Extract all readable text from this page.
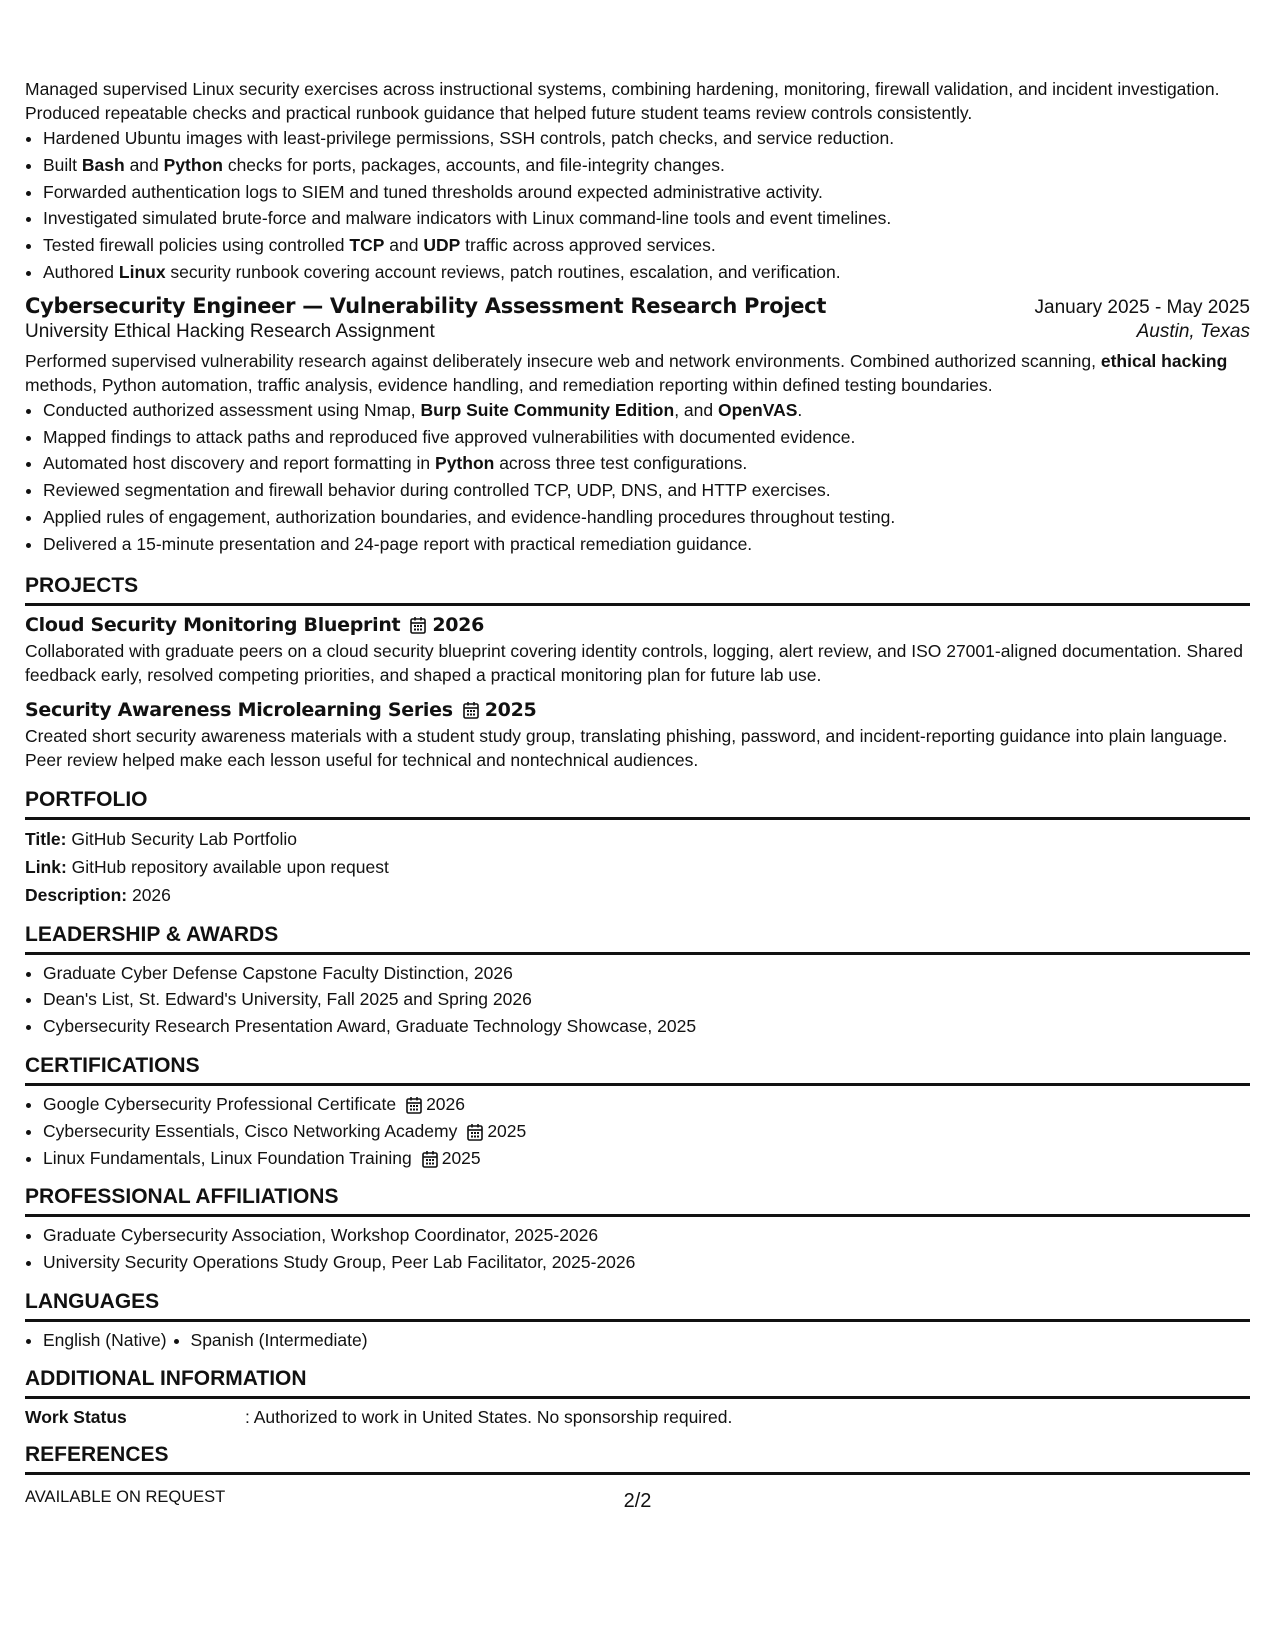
Managed supervised Linux security exercises across instructional systems, combining hardening, monitoring, firewall validation, and incident investigation. Produced repeatable checks and practical runbook guidance that helped future student teams review controls consistently.

• Hardened Ubuntu images with least-privilege permissions, SSH controls, patch checks, and service reduction.
• Built Bash and Python checks for ports, packages, accounts, and file-integrity changes.
• Forwarded authentication logs to SIEM and tuned thresholds around expected administrative activity.
• Investigated simulated brute-force and malware indicators with Linux command-line tools and event timelines.
• Tested firewall policies using controlled TCP and UDP traffic across approved services.
• Authored Linux security runbook covering account reviews, patch routines, escalation, and verification.
Cybersecurity Engineer — Vulnerability Assessment Research Project	January 2025 - May 2025
University Ethical Hacking Research Assignment	Austin, Texas

Performed supervised vulnerability research against deliberately insecure web and network environments. Combined authorized scanning, ethical hacking methods, Python automation, traffic analysis, evidence handling, and remediation reporting within defined testing boundaries.

• Conducted authorized assessment using Nmap, Burp Suite Community Edition, and OpenVAS.
• Mapped findings to attack paths and reproduced five approved vulnerabilities with documented evidence.
• Automated host discovery and report formatting in Python across three test configurations.
• Reviewed segmentation and firewall behavior during controlled TCP, UDP, DNS, and HTTP exercises.
• Applied rules of engagement, authorization boundaries, and evidence-handling procedures throughout testing.
• Delivered a 15-minute presentation and 24-page report with practical remediation guidance.
PROJECTS
Cloud Security Monitoring Blueprint 2026

Collaborated with graduate peers on a cloud security blueprint covering identity controls, logging, alert review, and ISO 27001-aligned documentation. Shared feedback early, resolved competing priorities, and shaped a practical monitoring plan for future lab use.

Security Awareness Microlearning Series 2025

Created short security awareness materials with a student study group, translating phishing, password, and incident-reporting guidance into plain language. Peer review helped make each lesson useful for technical and nontechnical audiences.

PORTFOLIO
Title: GitHub Security Lab Portfolio
Link: GitHub repository available upon request
Description: 2026
LEADERSHIP & AWARDS
• Graduate Cyber Defense Capstone Faculty Distinction, 2026
• Dean's List, St. Edward's University, Fall 2025 and Spring 2026
• Cybersecurity Research Presentation Award, Graduate Technology Showcase, 2025
CERTIFICATIONS
• Google Cybersecurity Professional Certificate 2026
• Cybersecurity Essentials, Cisco Networking Academy 2025
• Linux Fundamentals, Linux Foundation Training 2025
PROFESSIONAL AFFILIATIONS
• Graduate Cybersecurity Association, Workshop Coordinator, 2025-2026
• University Security Operations Study Group, Peer Lab Facilitator, 2025-2026
LANGUAGES
• English (Native)
• Spanish (Intermediate)
ADDITIONAL INFORMATION
Work Status	: Authorized to work in United States. No sponsorship required.
REFERENCES
AVAILABLE ON REQUEST	2/2
